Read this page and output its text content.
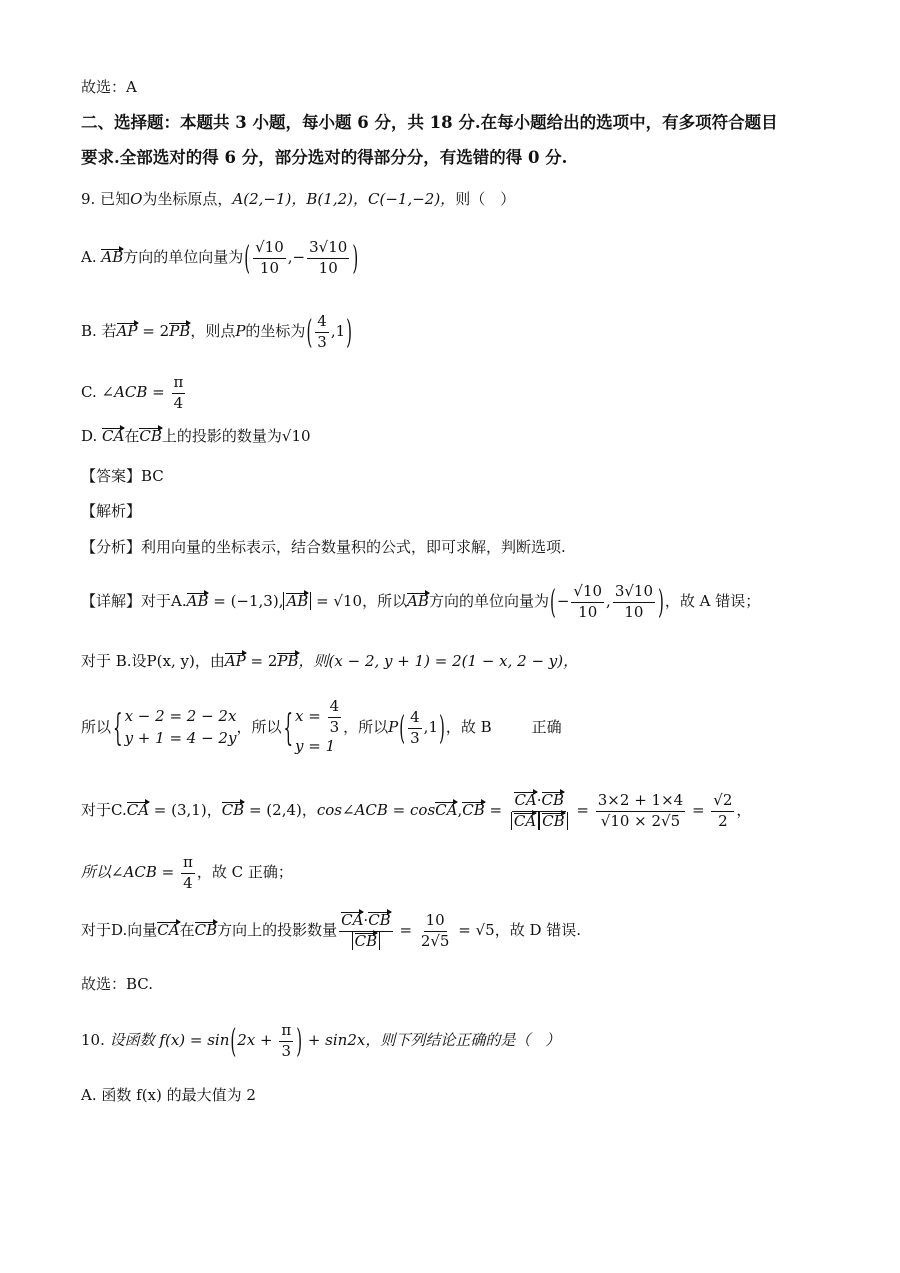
故选：A
二、选择题：本题共 3 小题，每小题 6 分，共 18 分.在每小题给出的选项中，有多项符合题目
要求.全部选对的得 6 分，部分选对的得部分分，有选错的得 0 分.
9. 已知O为坐标原点，A(2,−1)，B(1,2)，C(−1,−2)，则（　）
A. AB方向的单位向量为( $\frac{√10}{10}$ ,− $\frac{3√10}{10}$ )
B. 若AP = 2PB，则点P的坐标为( $\frac{4}{3} ,1$)
C. ∠ACB = $\frac{\pi}{4}$
D. CA在CB上的投影的数量为√10
【答案】BC
【解析】
【分析】利用向量的坐标表示，结合数量积的公式，即可求解，判断选项.
【详解】对于A.AB = (−1,3), AB = √10，所以AB方向的单位向量为(− $\frac{√10}{10}$ , $\frac{3√10}{10}$ )，故 A 错误；
对于 B.设P(x, y)，由AP = 2PB，则(x − 2, y + 1) = 2(1 − x, 2 − y)，
所以 { x − 2 = 2 − 2x
y + 1 = 4 − 2y
，所以 { $x = \frac{4}{3}$
y = 1
，所以$P( \frac{4}{3} ,1)$，故 B	正确
对于C.CA = (3,1)，CB = (2,4)，cos∠ACB = cosCA,CB = $\frac{CA\cdot CB}{\text{CA CB}} = \frac{3\times 2 + 1\times 4}{√10 \times 2√5} = \frac{√2}{2}$ ，
所以∠ACB = $\frac{\pi}{4}$ ，故 C 正确；
对于D.向量CA在CB方向上的投影数量 $\frac{CA\cdot CB}{CB} = \frac{10}{2√5} = √5$，故 D 错误.
故选：BC.
10. 设函数 $f(x) = \sin(2x + \frac{\pi}{3}$ ) + sin2x，则下列结论正确的是（　）
A. 函数 f(x) 的最大值为 2
